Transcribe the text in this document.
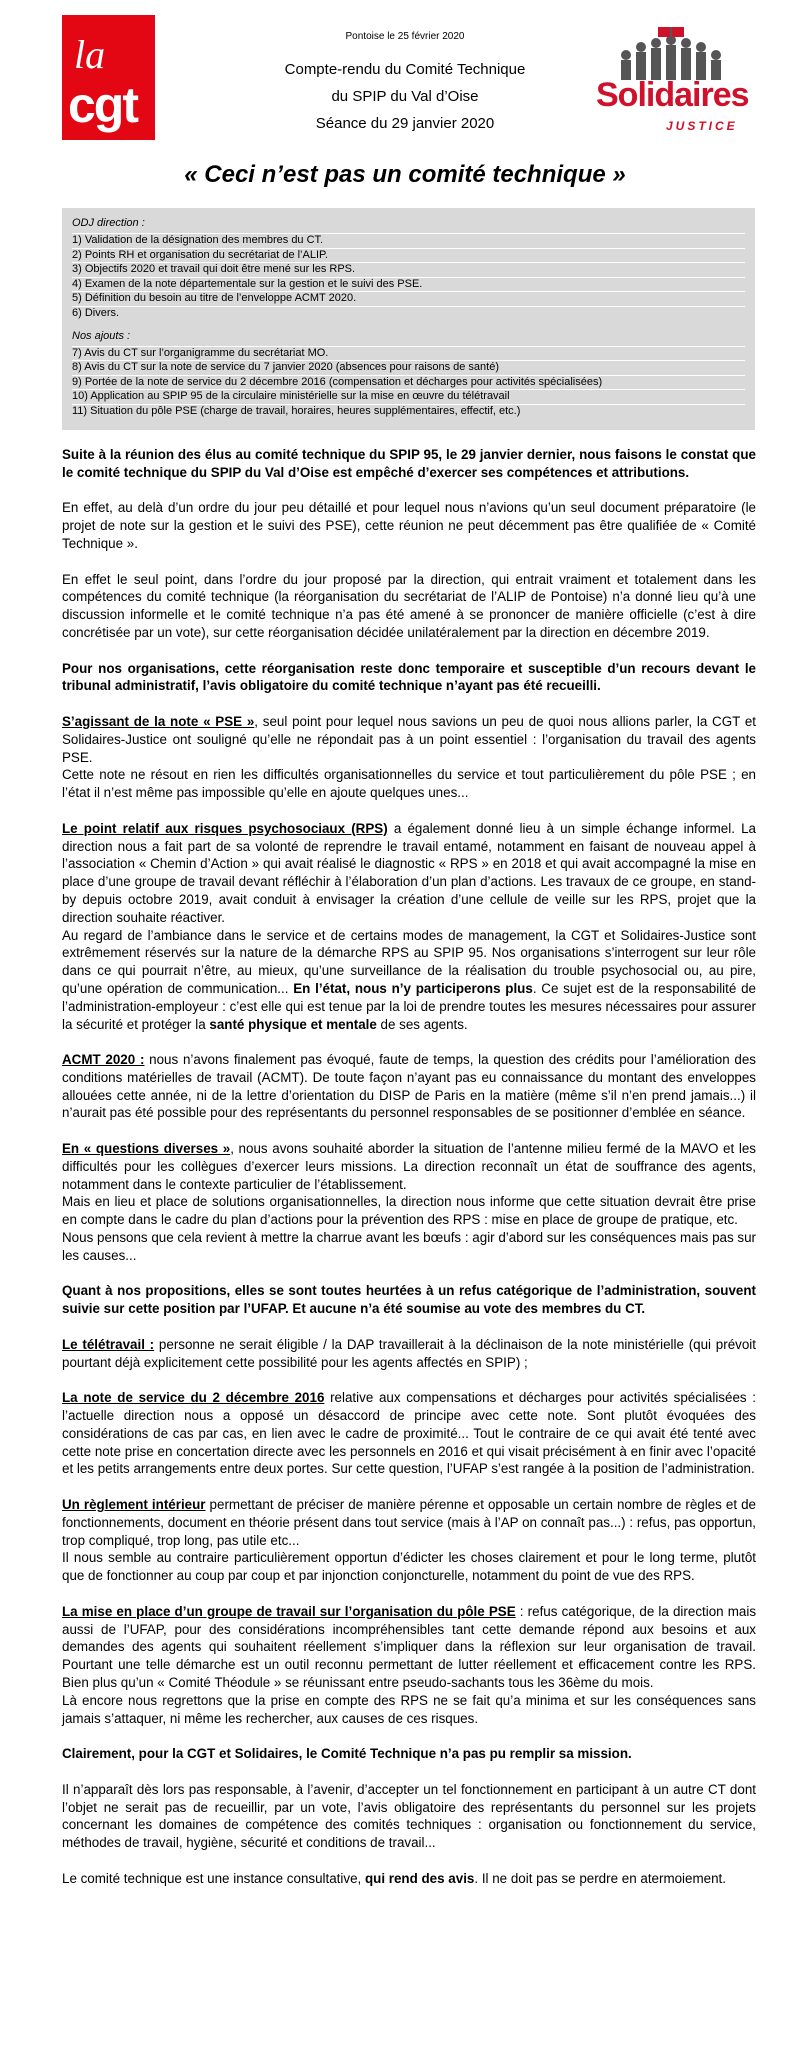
la
cgt
Pontoise le 25 février 2020
Compte-rendu du Comité Technique
du SPIP du Val d’Oise
Séance du 29 janvier 2020
Solidaires
JUSTICE
« Ceci n’est pas un comité technique »
ODJ direction :
1) Validation de la désignation des membres du CT.
2) Points RH et organisation du secrétariat de l’ALIP.
3) Objectifs 2020 et travail qui doit être mené sur les RPS.
4) Examen de la note départementale sur la gestion et le suivi des PSE.
5) Définition du besoin au titre de l’enveloppe ACMT 2020.
6) Divers.
Nos ajouts :
7) Avis du CT sur l’organigramme du secrétariat MO.
8) Avis du CT sur la note de service du 7 janvier 2020 (absences pour raisons de santé)
9) Portée de la note de service du 2 décembre 2016 (compensation et décharges pour activités spécialisées)
10) Application au SPIP 95 de la circulaire ministérielle sur la mise en œuvre du télétravail
11) Situation du pôle PSE (charge de travail, horaires, heures supplémentaires, effectif, etc.)

Suite à la réunion des élus au comité technique du SPIP 95, le 29 janvier dernier, nous faisons le constat que le comité technique du SPIP du Val d’Oise est empêché d’exercer ses compétences et attributions.

En effet, au delà d’un ordre du jour peu détaillé et pour lequel nous n’avions qu’un seul document préparatoire (le projet de note sur la gestion et le suivi des PSE), cette réunion ne peut décemment pas être qualifiée de « Comité Technique ».

En effet le seul point, dans l’ordre du jour proposé par la direction, qui entrait vraiment et totalement dans les compétences du comité technique (la réorganisation du secrétariat de l’ALIP de Pontoise) n’a donné lieu qu’à une discussion informelle et le comité technique n’a pas été amené à se prononcer de manière officielle (c’est à dire concrétisée par un vote), sur cette réorganisation décidée unilatéralement par la direction en décembre 2019.

Pour nos organisations, cette réorganisation reste donc temporaire et susceptible d’un recours devant le tribunal administratif, l’avis obligatoire du comité technique n’ayant pas été recueilli.

S’agissant de la note « PSE », seul point pour lequel nous savions un peu de quoi nous allions parler, la CGT et Solidaires-Justice ont souligné qu’elle ne répondait pas à un point essentiel : l’organisation du travail des agents PSE.
Cette note ne résout en rien les difficultés organisationnelles du service et tout particulièrement du pôle PSE ; en l’état il n’est même pas impossible qu’elle en ajoute quelques unes...

Le point relatif aux risques psychosociaux (RPS) a également donné lieu à un simple échange informel. La direction nous a fait part de sa volonté de reprendre le travail entamé, notamment en faisant de nouveau appel à l’association « Chemin d’Action » qui avait réalisé le diagnostic « RPS » en 2018 et qui avait accompagné la mise en place d’une groupe de travail devant réfléchir à l’élaboration d’un plan d’actions. Les travaux de ce groupe, en stand-by depuis octobre 2019, avait conduit à envisager la création d’une cellule de veille sur les RPS, projet que la direction souhaite réactiver.
Au regard de l’ambiance dans le service et de certains modes de management, la CGT et Solidaires-Justice sont extrêmement réservés sur la nature de la démarche RPS au SPIP 95. Nos organisations s’interrogent sur leur rôle dans ce qui pourrait n’être, au mieux, qu’une surveillance de la réalisation du trouble psychosocial ou, au pire, qu’une opération de communication... En l’état, nous n’y participerons plus. Ce sujet est de la responsabilité de l’administration-employeur : c’est elle qui est tenue par la loi de prendre toutes les mesures nécessaires pour assurer la sécurité et protéger la santé physique et mentale de ses agents.

ACMT 2020 : nous n’avons finalement pas évoqué, faute de temps, la question des crédits pour l’amélioration des conditions matérielles de travail (ACMT). De toute façon n’ayant pas eu connaissance du montant des enveloppes allouées cette année, ni de la lettre d’orientation du DISP de Paris en la matière (même s’il n’en prend jamais...) il n’aurait pas été possible pour des représentants du personnel responsables de se positionner d’emblée en séance.

En « questions diverses », nous avons souhaité aborder la situation de l’antenne milieu fermé de la MAVO et les difficultés pour les collègues d’exercer leurs missions. La direction reconnaît un état de souffrance des agents, notamment dans le contexte particulier de l’établissement.
Mais en lieu et place de solutions organisationnelles, la direction nous informe que cette situation devrait être prise en compte dans le cadre du plan d’actions pour la prévention des RPS : mise en place de groupe de pratique, etc.
Nous pensons que cela revient à mettre la charrue avant les bœufs : agir d’abord sur les conséquences mais pas sur les causes...

Quant à nos propositions, elles se sont toutes heurtées à un refus catégorique de l’administration, souvent suivie sur cette position par l’UFAP. Et aucune n’a été soumise au vote des membres du CT.

Le télétravail : personne ne serait éligible / la DAP travaillerait à la déclinaison de la note ministérielle (qui prévoit pourtant déjà explicitement cette possibilité pour les agents affectés en SPIP) ;

La note de service du 2 décembre 2016 relative aux compensations et décharges pour activités spécialisées : l’actuelle direction nous a opposé un désaccord de principe avec cette note. Sont plutôt évoquées des considérations de cas par cas, en lien avec le cadre de proximité... Tout le contraire de ce qui avait été tenté avec cette note prise en concertation directe avec les personnels en 2016 et qui visait précisément à en finir avec l’opacité et les petits arrangements entre deux portes. Sur cette question, l’UFAP s’est rangée à la position de l’administration.

Un règlement intérieur permettant de préciser de manière pérenne et opposable un certain nombre de règles et de fonctionnements, document en théorie présent dans tout service (mais à l’AP on connaît pas...) : refus, pas opportun, trop compliqué, trop long, pas utile etc...
Il nous semble au contraire particulièrement opportun d’édicter les choses clairement et pour le long terme, plutôt que de fonctionner au coup par coup et par injonction conjoncturelle, notamment du point de vue des RPS.

La mise en place d’un groupe de travail sur l’organisation du pôle PSE : refus catégorique, de la direction mais aussi de l’UFAP, pour des considérations incompréhensibles tant cette demande répond aux besoins et aux demandes des agents qui souhaitent réellement s’impliquer dans la réflexion sur leur organisation de travail. Pourtant une telle démarche est un outil reconnu permettant de lutter réellement et efficacement contre les RPS. Bien plus qu’un « Comité Théodule » se réunissant entre pseudo-sachants tous les 36ème du mois.
Là encore nous regrettons que la prise en compte des RPS ne se fait qu’a minima et sur les conséquences sans jamais s’attaquer, ni même les rechercher, aux causes de ces risques.

Clairement, pour la CGT et Solidaires, le Comité Technique n’a pas pu remplir sa mission.

Il n’apparaît dès lors pas responsable, à l’avenir, d’accepter un tel fonctionnement en participant à un autre CT dont l’objet ne serait pas de recueillir, par un vote, l’avis obligatoire des représentants du personnel sur les projets concernant les domaines de compétence des comités techniques : organisation ou fonctionnement du service, méthodes de travail, hygiène, sécurité et conditions de travail...

Le comité technique est une instance consultative, qui rend des avis. Il ne doit pas se perdre en atermoiement.
